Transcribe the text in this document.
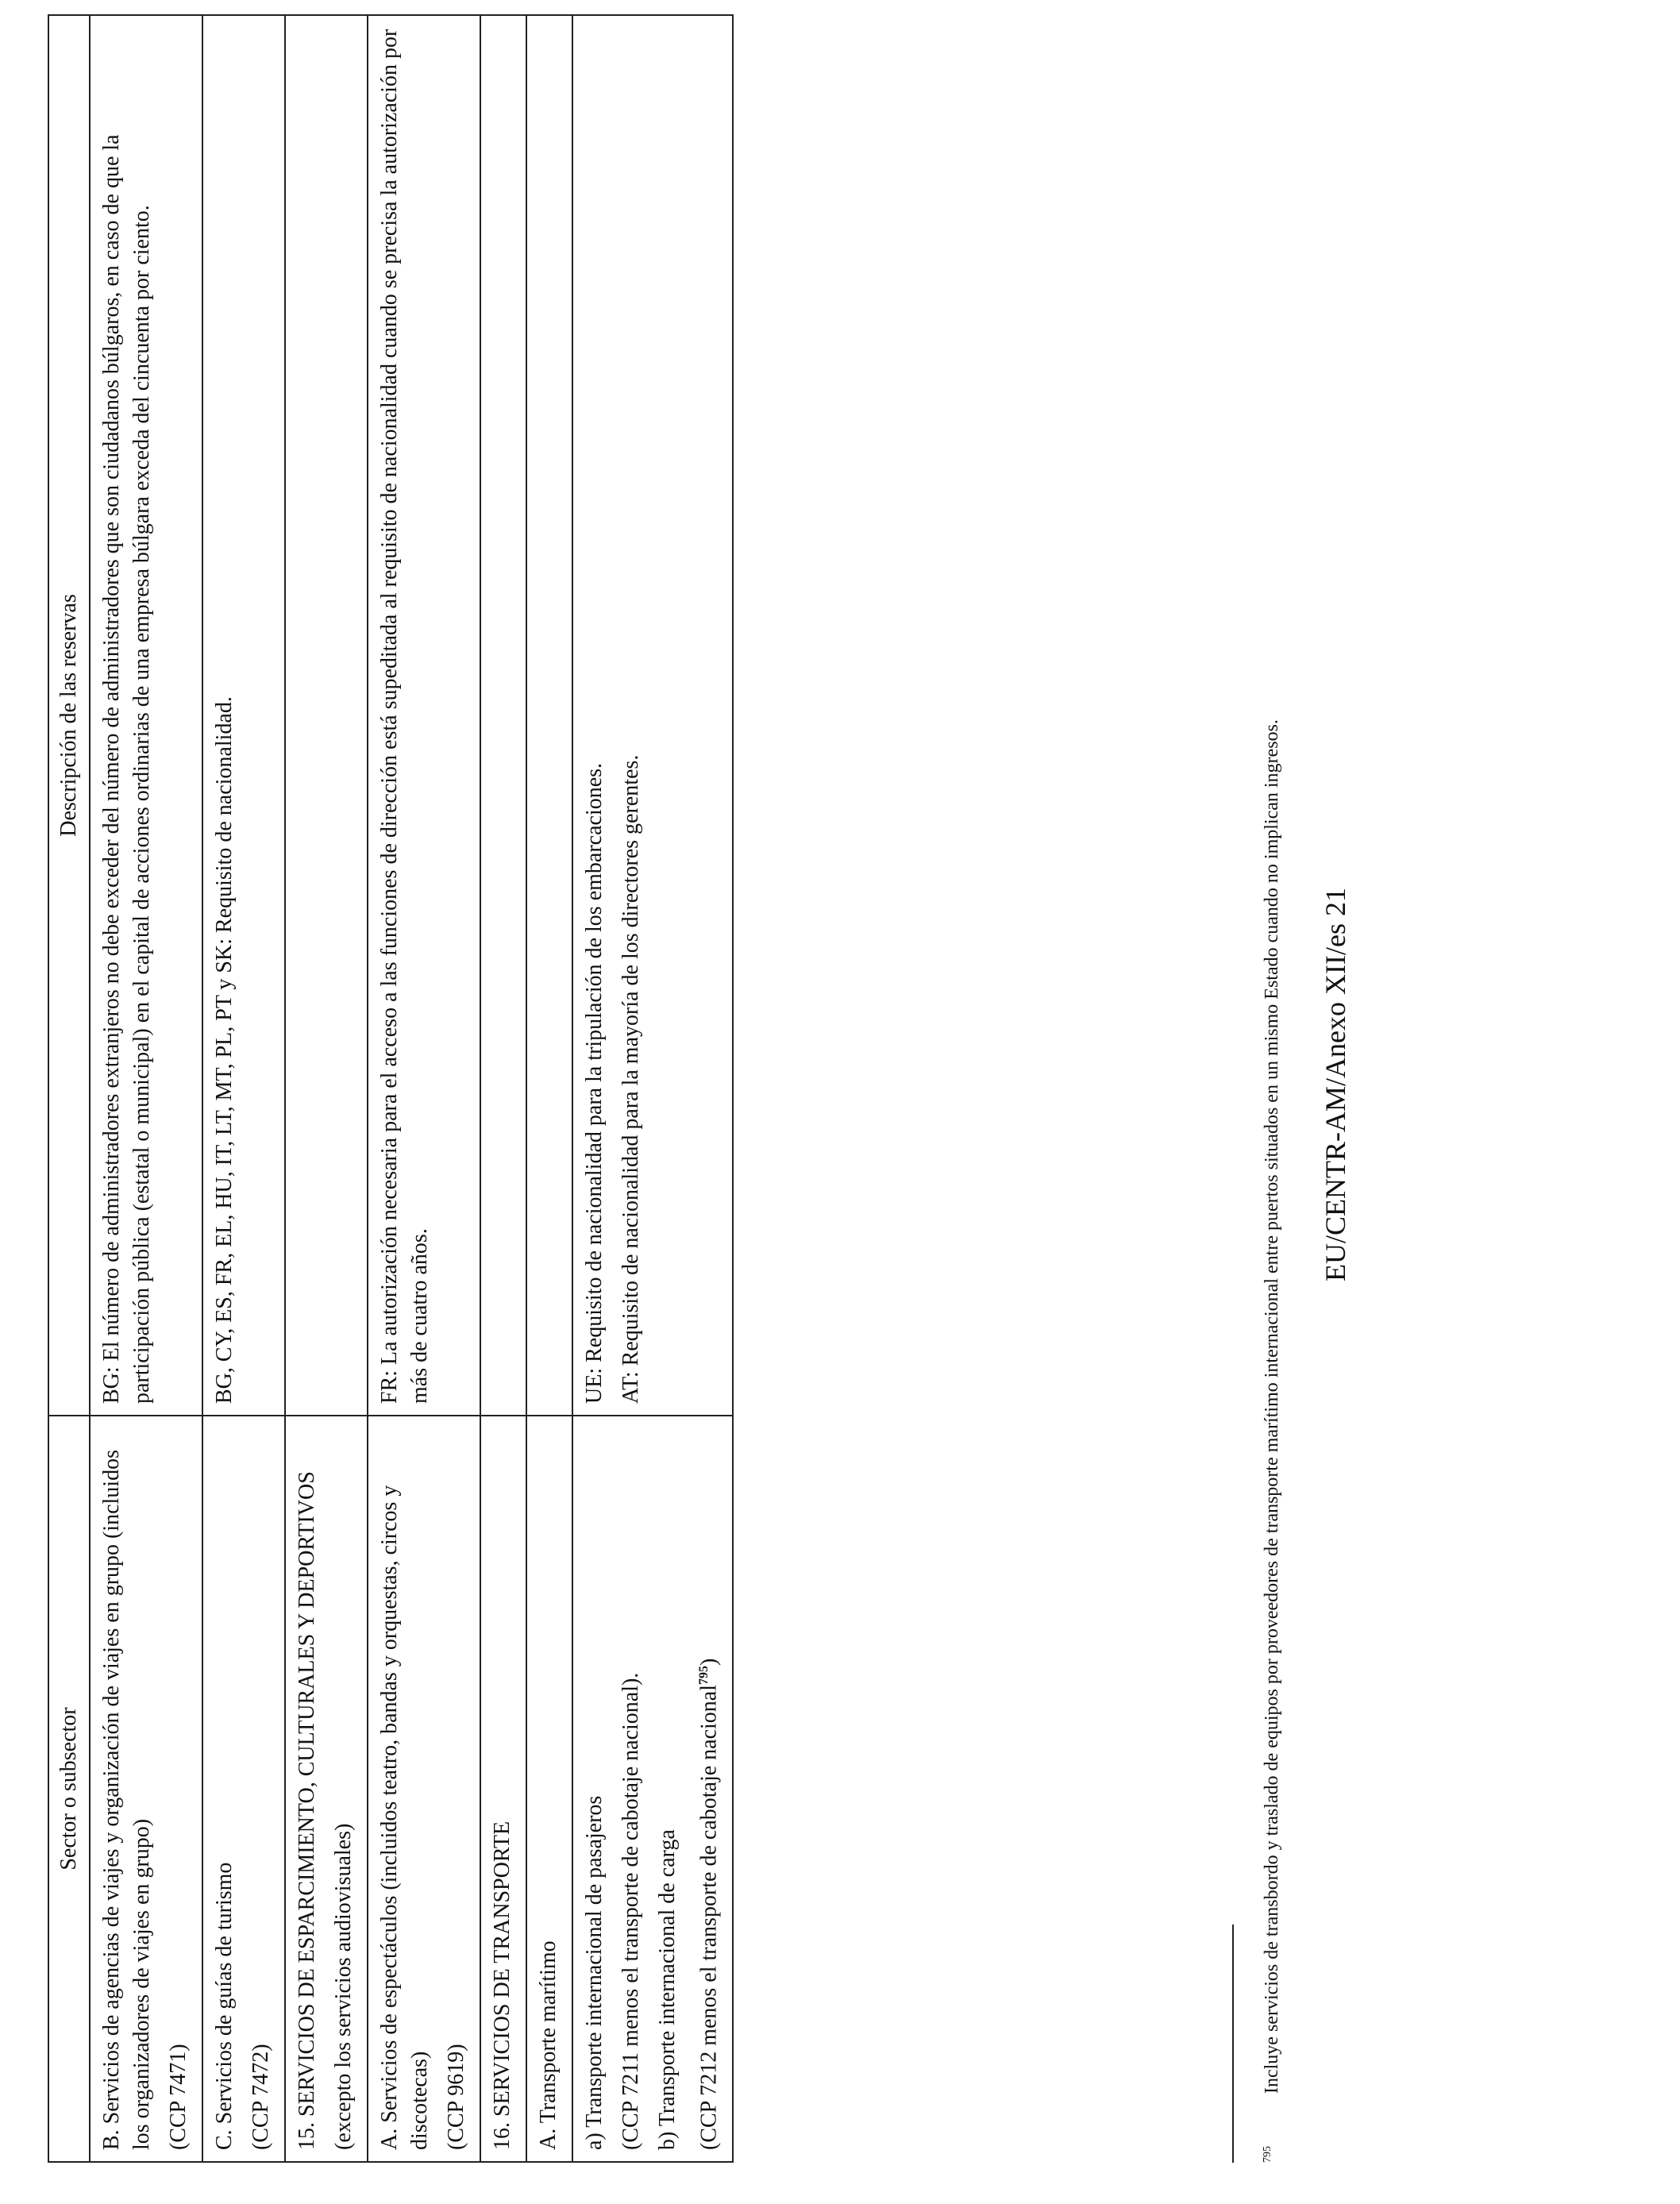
Sector o subsector	Descripción de las reservas

B. Servicios de agencias de viajes y organización de viajes en grupo (incluidos los organizadores de viajes en grupo) (CCP 7471)	BG: El número de administradores extranjeros no debe exceder del número de administradores que son ciudadanos búlgaros, en caso de que la participación pública (estatal o municipal) en el capital de acciones ordinarias de una empresa búlgara exceda del cincuenta por ciento.

C. Servicios de guías de turismo (CCP 7472)	BG, CY, ES, FR, EL, HU, IT, LT, MT, PL, PT y SK: Requisito de nacionalidad.

15. SERVICIOS DE ESPARCIMIENTO, CULTURALES Y DEPORTIVOS (excepto los servicios audiovisuales)	

A. Servicios de espectáculos (incluidos teatro, bandas y orquestas, circos y discotecas) (CCP 9619)	FR: La autorización necesaria para el acceso a las funciones de dirección está supeditada al requisito de nacionalidad cuando se precisa la autorización por más de cuatro años.

16. SERVICIOS DE TRANSPORTE	

A. Transporte marítimo	

a) Transporte internacional de pasajeros (CCP 7211 menos el transporte de cabotaje nacional). b) Transporte internacional de carga (CCP 7212 menos el transporte de cabotaje nacional$^{795}$)	UE: Requisito de nacionalidad para la tripulación de los embarcaciones. AT: Requisito de nacionalidad para la mayoría de los directores gerentes.
$^{795}$ Incluye servicios de transbordo y traslado de equipos por proveedores de transporte marítimo internacional entre puertos situados en un mismo Estado cuando no implican ingresos. EU/CENTR-AM/Anexo XII/es 21
